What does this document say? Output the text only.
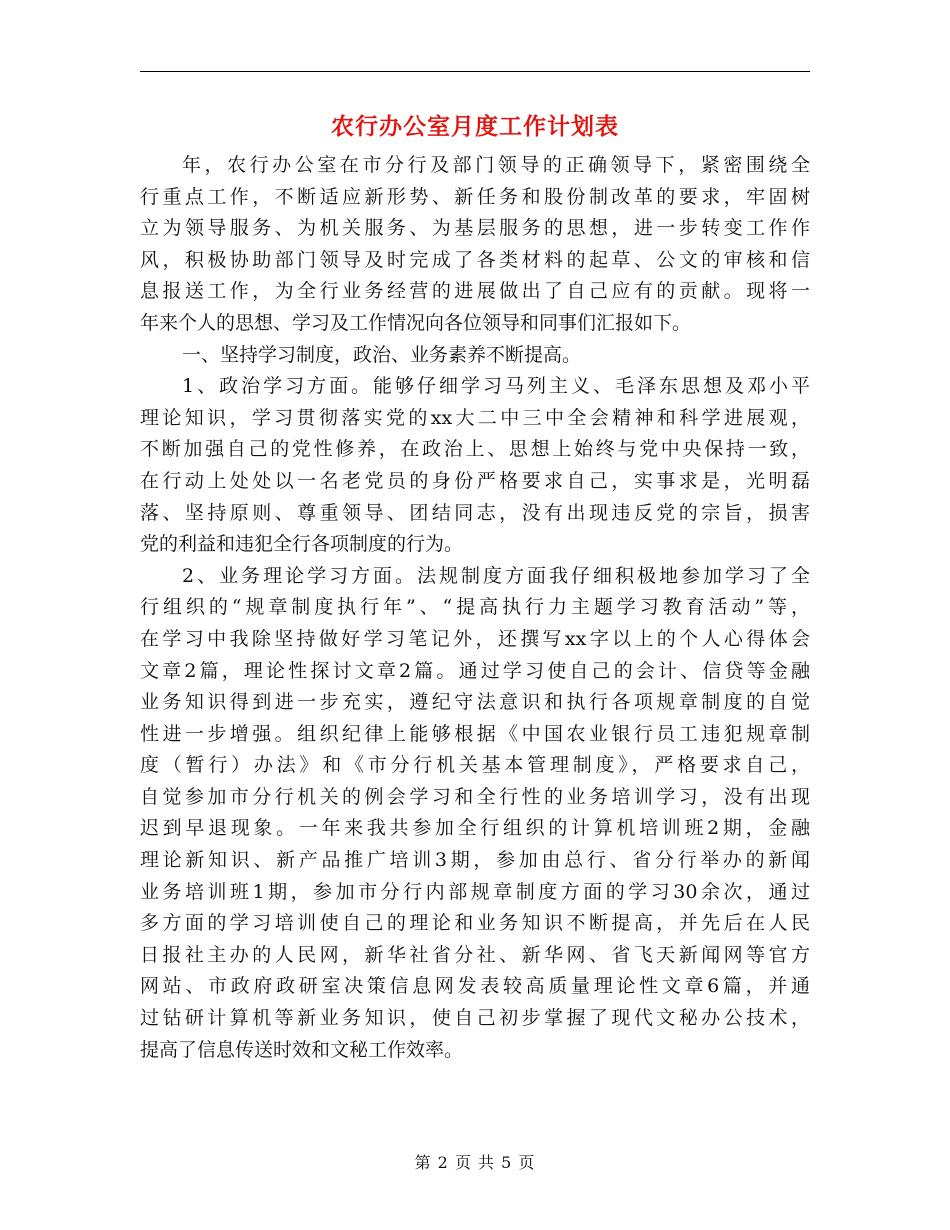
农行办公室月度工作计划表
年，农行办公室在市分行及部门领导的正确领导下，紧密围绕全
行重点工作，不断适应新形势、新任务和股份制改革的要求，牢固树
立为领导服务、为机关服务、为基层服务的思想，进一步转变工作作
风，积极协助部门领导及时完成了各类材料的起草、公文的审核和信
息报送工作，为全行业务经营的进展做出了自己应有的贡献。现将一
年来个人的思想、学习及工作情况向各位领导和同事们汇报如下。
一、坚持学习制度，政治、业务素养不断提高。
1、政治学习方面。能够仔细学习马列主义、毛泽东思想及邓小平
理论知识，学习贯彻落实党的xx大二中三中全会精神和科学进展观，
不断加强自己的党性修养，在政治上、思想上始终与党中央保持一致，
在行动上处处以一名老党员的身份严格要求自己，实事求是，光明磊
落、坚持原则、尊重领导、团结同志，没有出现违反党的宗旨，损害
党的利益和违犯全行各项制度的行为。
2、业务理论学习方面。法规制度方面我仔细积极地参加学习了全
行组织的“规章制度执行年”、“提高执行力主题学习教育活动”等，
在学习中我除坚持做好学习笔记外，还撰写xx字以上的个人心得体会
文章2篇，理论性探讨文章2篇。通过学习使自己的会计、信贷等金融
业务知识得到进一步充实，遵纪守法意识和执行各项规章制度的自觉
性进一步增强。组织纪律上能够根据《中国农业银行员工违犯规章制
度（暂行）办法》和《市分行机关基本管理制度》，严格要求自己，
自觉参加市分行机关的例会学习和全行性的业务培训学习，没有出现
迟到早退现象。一年来我共参加全行组织的计算机培训班2期，金融
理论新知识、新产品推广培训3期，参加由总行、省分行举办的新闻
业务培训班1期，参加市分行内部规章制度方面的学习30余次，通过
多方面的学习培训使自己的理论和业务知识不断提高，并先后在人民
日报社主办的人民网，新华社省分社、新华网、省飞天新闻网等官方
网站、市政府政研室决策信息网发表较高质量理论性文章6篇，并通
过钻研计算机等新业务知识，使自己初步掌握了现代文秘办公技术，
提高了信息传送时效和文秘工作效率。
第 2 页 共 5 页
